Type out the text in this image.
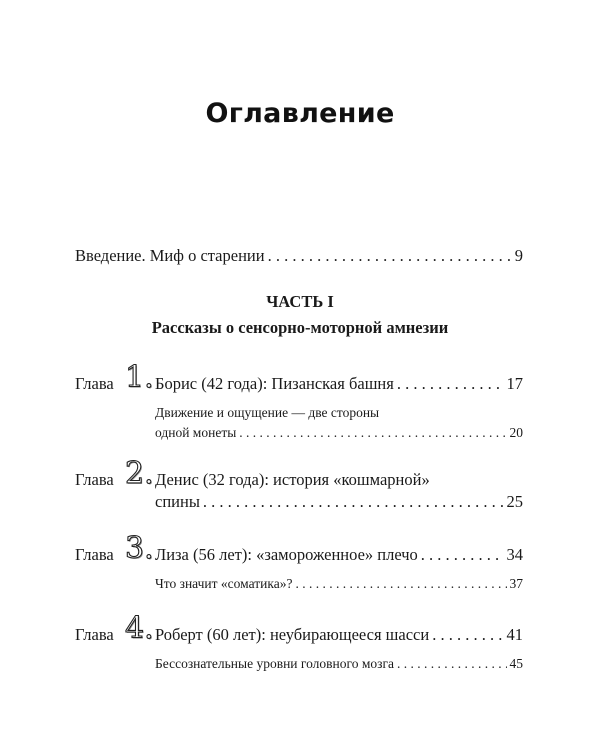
Оглавление
Введение. Миф о старении . . .	9
ЧАСТЬ I
Рассказы о сенсорно-моторной амнезии
Глава 1. Борис (42 года): Пизанская башня . . .	17
Движение и ощущение — две стороны
одной монеты . . .	20
Глава 2. Денис (32 года): история «кошмарной»
спины . . .	25
Глава 3. Лиза (56 лет): «замороженное» плечо . . .	34
Что значит «соматика»? . . .	37
Глава 4. Роберт (60 лет): неубирающееся шасси . . .	41
Бессознательные уровни головного мозга . . .	45
